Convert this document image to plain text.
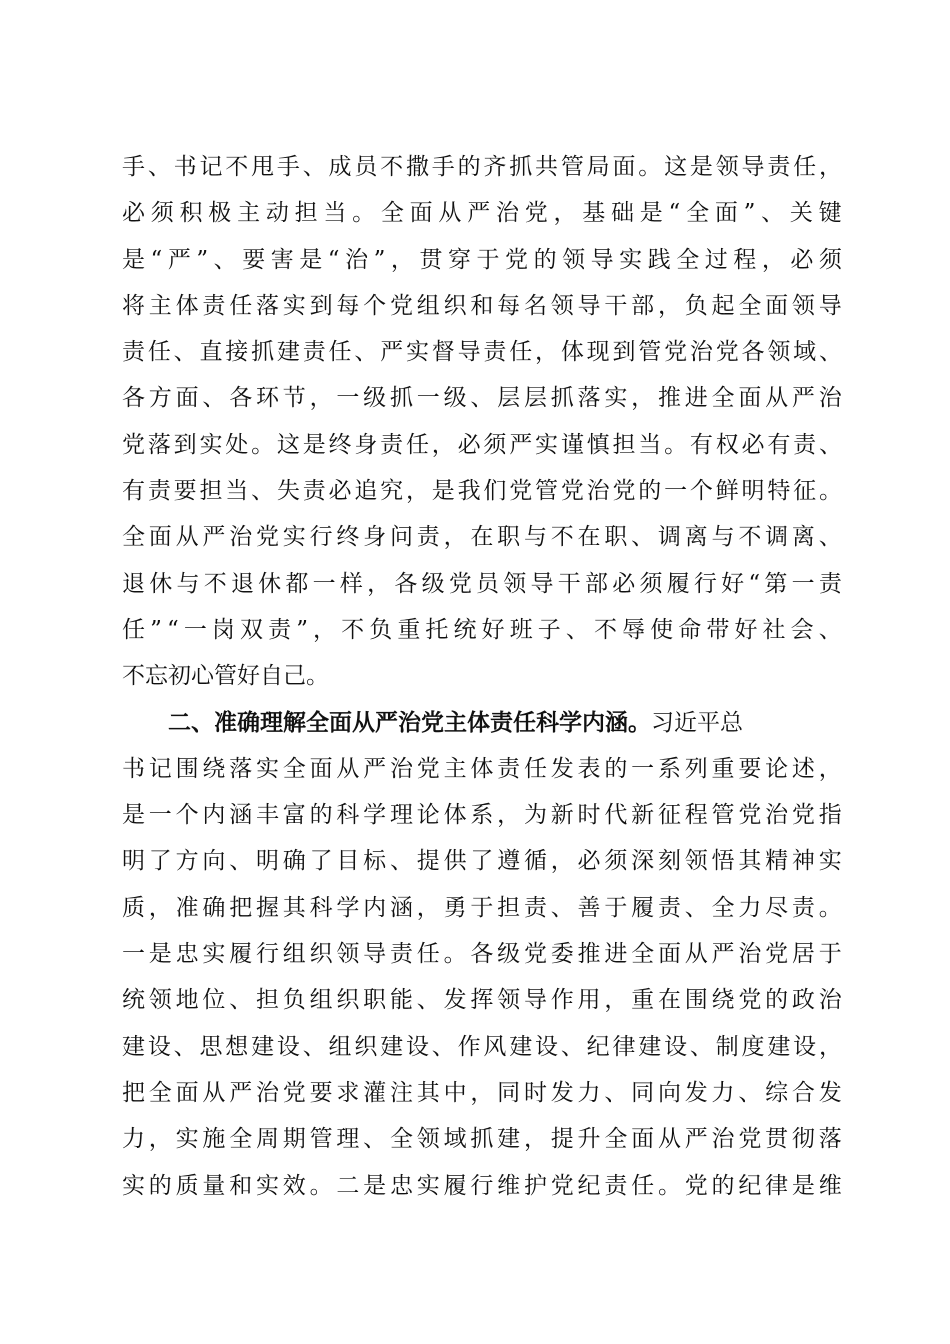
手 、 书 记 不 甩 手 、 成 员 不 撒 手 的 齐 抓 共 管 局 面 。 这 是 领 导 责 任 ，
必 须 积 极 主 动 担 当 。 全 面 从 严 治 党 ， 基 础 是 “ 全 面 ” 、 关 键
是 “ 严 ” 、 要 害 是 “ 治 ” ， 贯 穿 于 党 的 领 导 实 践 全 过 程 ， 必 须
将 主 体 责 任 落 实 到 每 个 党 组 织 和 每 名 领 导 干 部 ， 负 起 全 面 领 导
责 任 、 直 接 抓 建 责 任 、 严 实 督 导 责 任 ， 体 现 到 管 党 治 党 各 领 域 、
各 方 面 、 各 环 节 ， 一 级 抓 一 级 、 层 层 抓 落 实 ， 推 进 全 面 从 严 治
党 落 到 实 处 。 这 是 终 身 责 任 ， 必 须 严 实 谨 慎 担 当 。 有 权 必 有 责 、
有 责 要 担 当 、 失 责 必 追 究 ， 是 我 们 党 管 党 治 党 的 一 个 鲜 明 特 征 。
全 面 从 严 治 党 实 行 终 身 问 责 ， 在 职 与 不 在 职 、 调 离 与 不 调 离 、
退 休 与 不 退 休 都 一 样 ， 各 级 党 员 领 导 干 部 必 须 履 行 好 “ 第 一 责
任 ” “ 一 岗 双 责 ” ， 不 负 重 托 统 好 班 子 、 不 辱 使 命 带 好 社 会 、
不忘初心管好自己。
二、准确理解全面从严治党主体责任科学内涵。习近平总
书 记 围 绕 落 实 全 面 从 严 治 党 主 体 责 任 发 表 的 一 系 列 重 要 论 述 ，
是 一 个 内 涵 丰 富 的 科 学 理 论 体 系 ， 为 新 时 代 新 征 程 管 党 治 党 指
明 了 方 向 、 明 确 了 目 标 、 提 供 了 遵 循 ， 必 须 深 刻 领 悟 其 精 神 实
质 ， 准 确 把 握 其 科 学 内 涵 ， 勇 于 担 责 、 善 于 履 责 、 全 力 尽 责 。
一 是 忠 实 履 行 组 织 领 导 责 任 。 各 级 党 委 推 进 全 面 从 严 治 党 居 于
统 领 地 位 、 担 负 组 织 职 能 、 发 挥 领 导 作 用 ， 重 在 围 绕 党 的 政 治
建 设 、 思 想 建 设 、 组 织 建 设 、 作 风 建 设 、 纪 律 建 设 、 制 度 建 设 ，
把 全 面 从 严 治 党 要 求 灌 注 其 中 ， 同 时 发 力 、 同 向 发 力 、 综 合 发
力 ， 实 施 全 周 期 管 理 、 全 领 域 抓 建 ， 提 升 全 面 从 严 治 党 贯 彻 落
实 的 质 量 和 实 效 。 二 是 忠 实 履 行 维 护 党 纪 责 任 。 党 的 纪 律 是 维
